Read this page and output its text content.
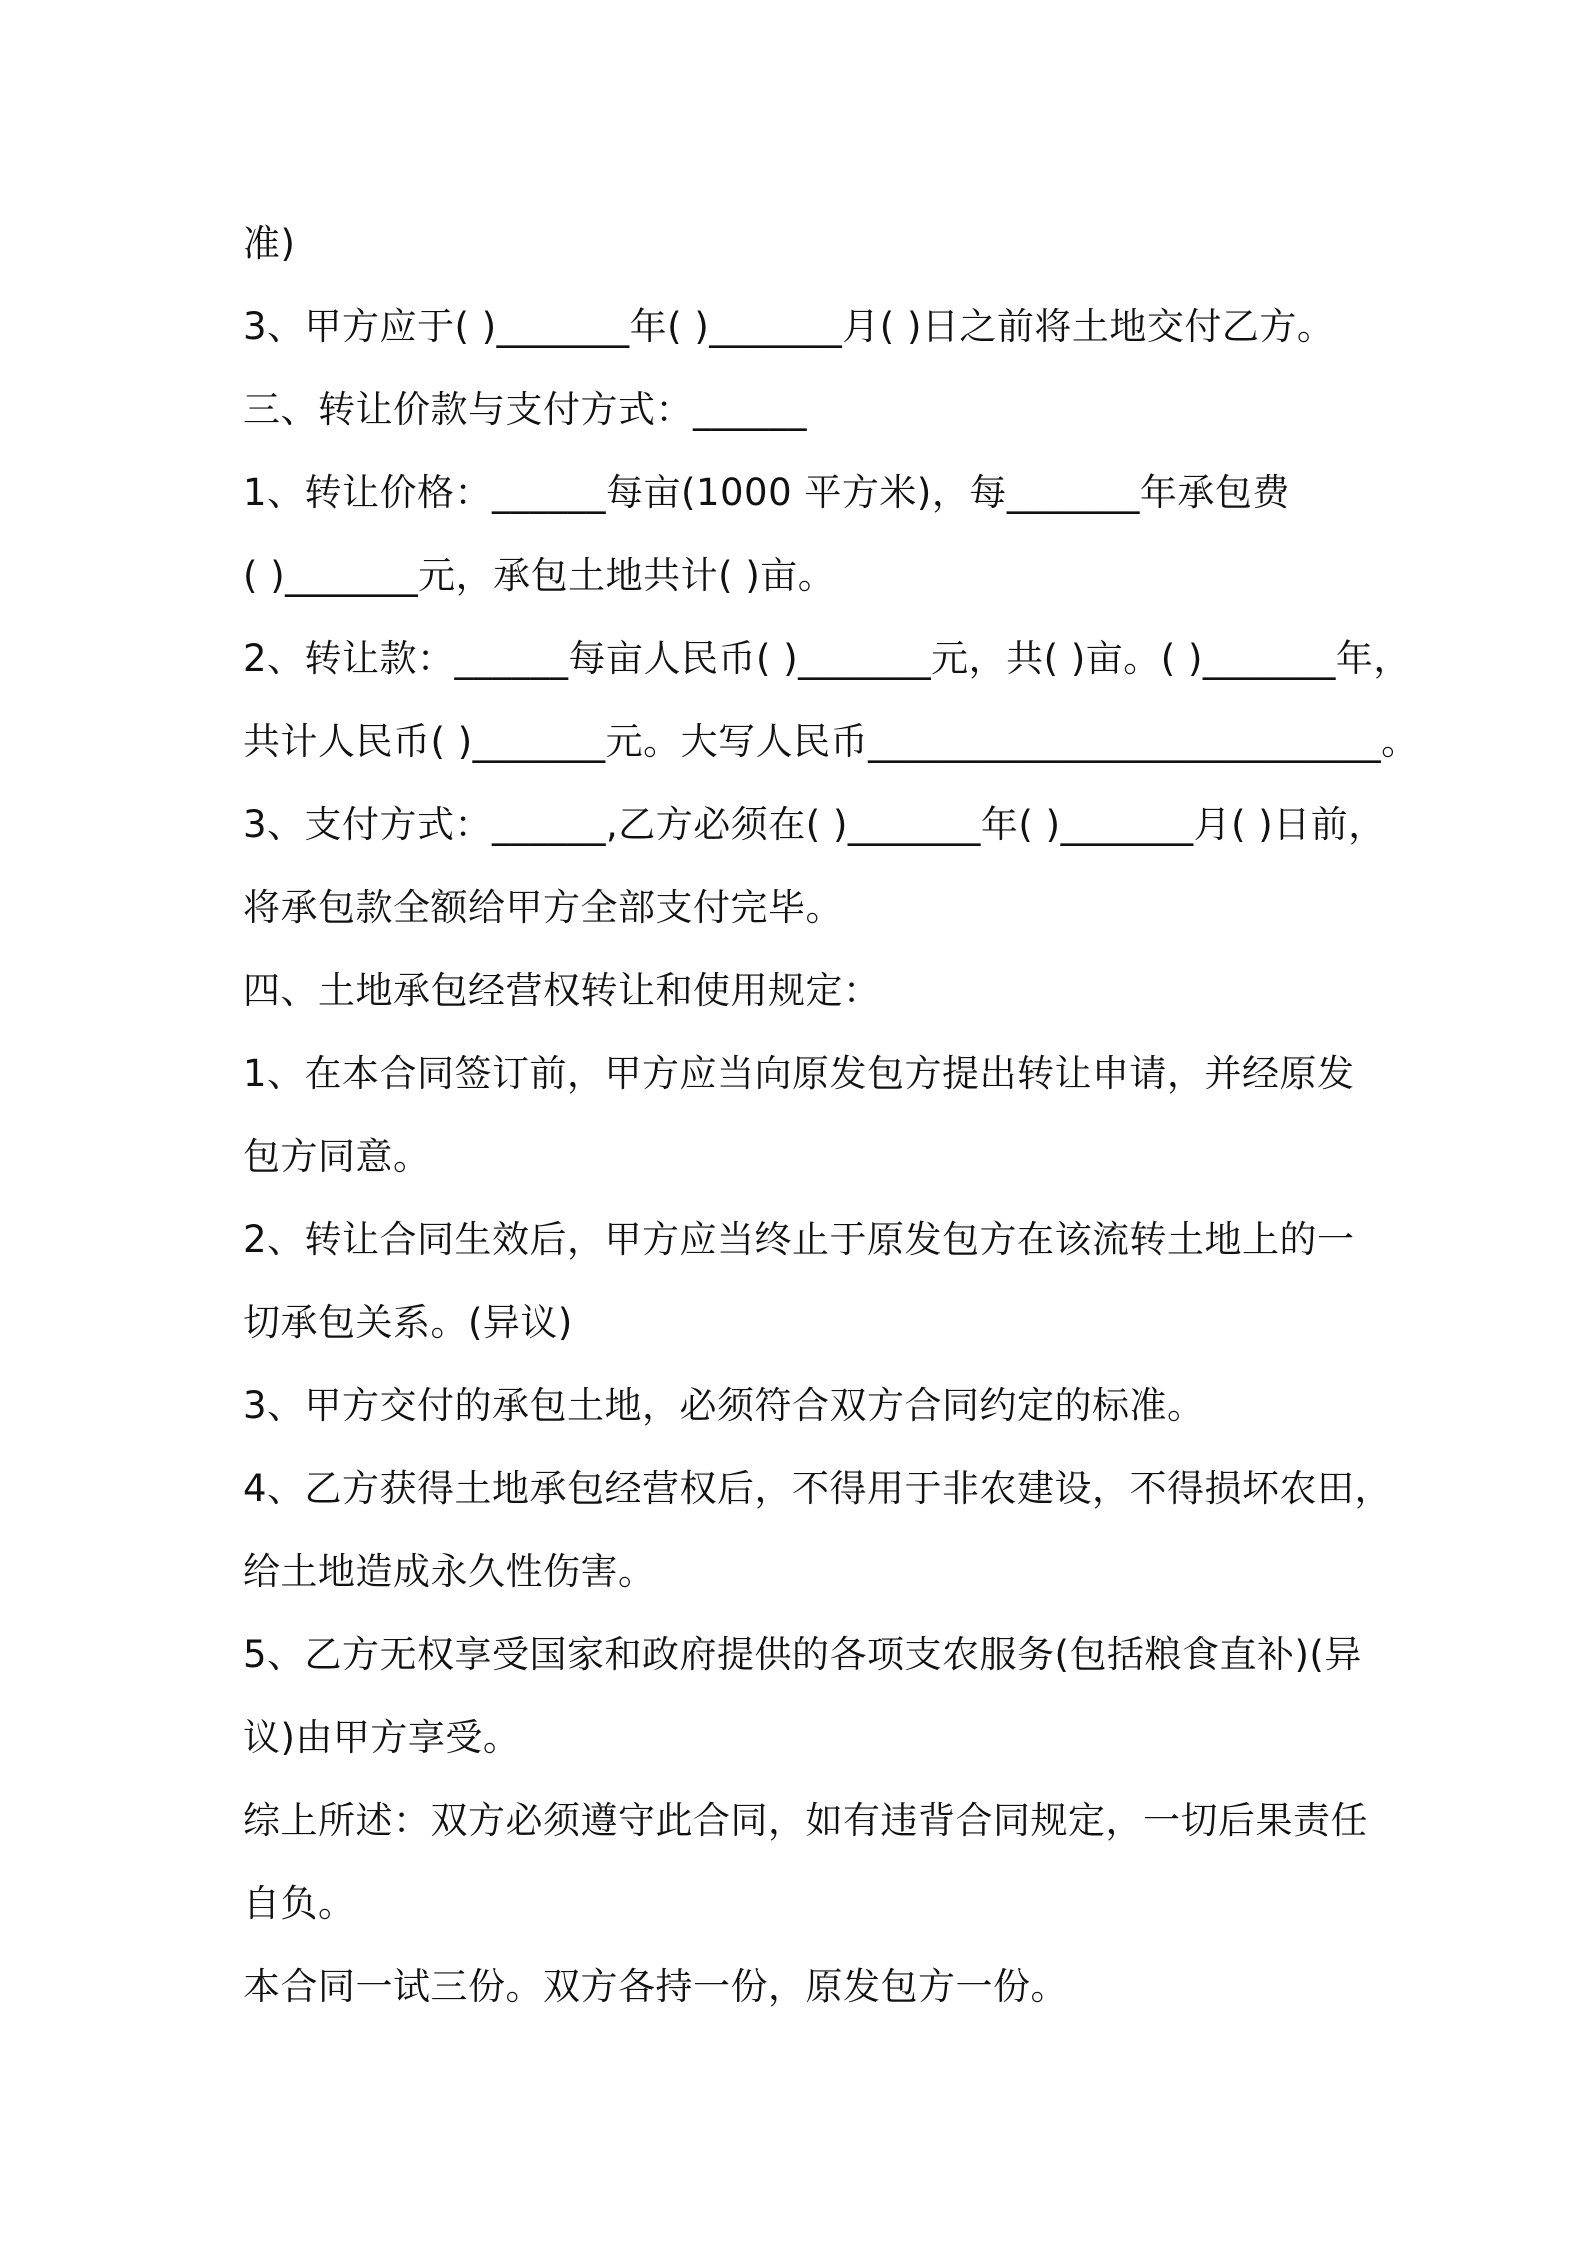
准)
3、甲方应于( )_______年( )_______月( )日之前将土地交付乙方。
三、转让价款与支付方式：______
1、转让价格：______每亩(1000 平方米)，每_______年承包费
( )_______元，承包土地共计( )亩。
2、转让款：______每亩人民币( )_______元，共( )亩。( )_______年，
共计人民币( )_______元。大写人民币___________________________。
3、支付方式：______,乙方必须在( )_______年( )_______月( )日前，
将承包款全额给甲方全部支付完毕。
四、土地承包经营权转让和使用规定：
1、在本合同签订前，甲方应当向原发包方提出转让申请，并经原发
包方同意。
2、转让合同生效后，甲方应当终止于原发包方在该流转土地上的一
切承包关系。(异议)
3、甲方交付的承包土地，必须符合双方合同约定的标准。
4、乙方获得土地承包经营权后，不得用于非农建设，不得损坏农田，
给土地造成永久性伤害。
5、乙方无权享受国家和政府提供的各项支农服务(包括粮食直补)(异
议)由甲方享受。
综上所述：双方必须遵守此合同，如有违背合同规定，一切后果责任
自负。
本合同一试三份。双方各持一份，原发包方一份。
